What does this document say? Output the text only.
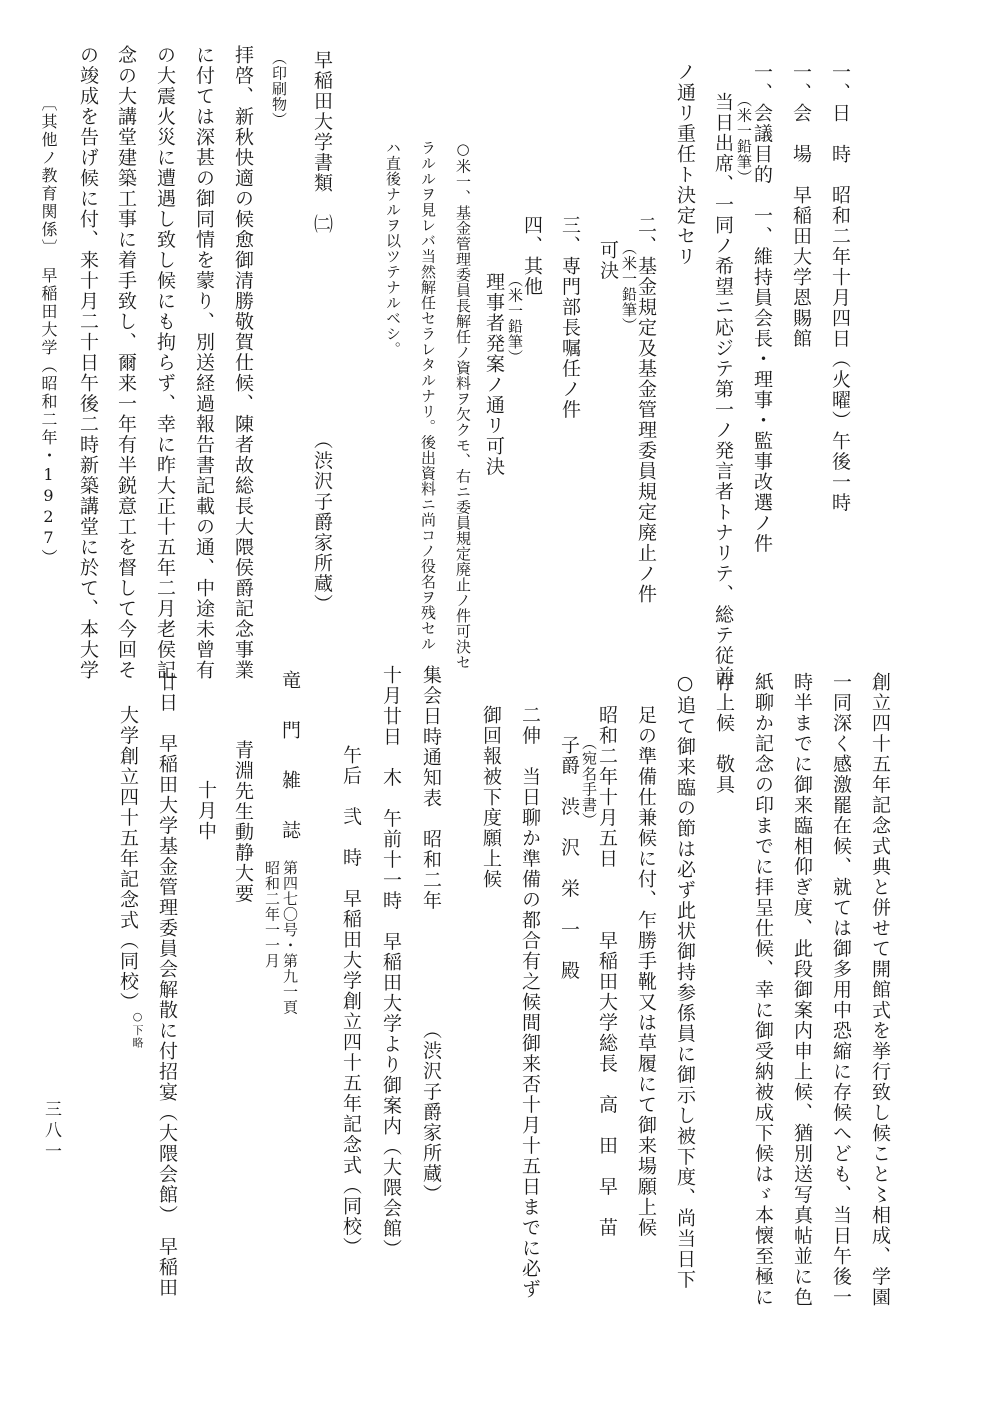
一、日　時　昭和二年十月四日（火曜）午後一時
一、会　場　早稲田大学恩賜館
一、会議目的　一、維持員会長・理事・監事改選ノ件
（米一鉛筆）
当日出席、一同ノ希望ニ応ジテ第一ノ発言者トナリテ、総テ従前
ノ通リ重任ト決定セリ
二、基金規定及基金管理委員規定廃止ノ件
（米一鉛筆）
可決
三、専門部長嘱任ノ件
四、其他
（米一鉛筆）
理事者発案ノ通リ可決
○米一、基金管理委員長解任ノ資料ヲ欠クモ、右ニ委員規定廃止ノ件可決セ
ラルルヲ見レバ当然解任セラレタルナリ。後出資料ニ尚コノ役名ヲ残セル
ハ直後ナルヲ以ツテナルベシ。
早稲田大学書類　㈡
（渋沢子爵家所蔵）
（印刷物）
拝啓、新秋快適の候愈御清勝敬賀仕候、陳者故総長大隈侯爵記念事業
に付ては深甚の御同情を蒙り、別送経過報告書記載の通、中途未曾有
の大震火災に遭遇し致し候にも拘らず、幸に昨大正十五年二月老侯記
念の大講堂建築工事に着手致し、爾来一年有半鋭意工を督して今回そ
の竣成を告げ候に付、来十月二十日午後二時新築講堂に於て、本大学
〔其他ノ教育関係〕　早稲田大学（昭和二年・1927）
創立四十五年記念式典と併せて開館式を挙行致し候こと〻相成、学園
一同深く感激罷在候、就ては御多用中恐縮に存候へども、当日午後一
時半までに御来臨相仰ぎ度、此段御案内申上候、猶別送写真帖並に色
紙聊か記念の印までに拝呈仕候、幸に御受納被成下候はゞ本懐至極に
存上候　敬具
○追て御来臨の節は必ず此状御持参係員に御示し被下度、尚当日下
足の準備仕兼候に付、乍勝手靴又は草履にて御来場願上候
昭和二年十月五日　　　早稲田大学総長　高　田　早　苗
（宛名手書）
子爵　渋　沢　栄　一　殿
二伸　当日聊か準備の都合有之候間御来否十月十五日までに必ず
御回報被下度願上候
集会日時通知表　昭和二年
（渋沢子爵家所蔵）
十月廿日　木　午前十一時　早稲田大学より御案内（大隈会館）
午后　弐　時　早稲田大学創立四十五年記念式（同校）
竜　門　雑　誌
第四七〇号・第九一頁
昭和二年一一月
青淵先生動静大要
十月中
廿日　早稲田大学基金管理委員会解散に付招宴（大隈会館）　早稲田
大学創立四十五年記念式（同校）
○下略
三八一
